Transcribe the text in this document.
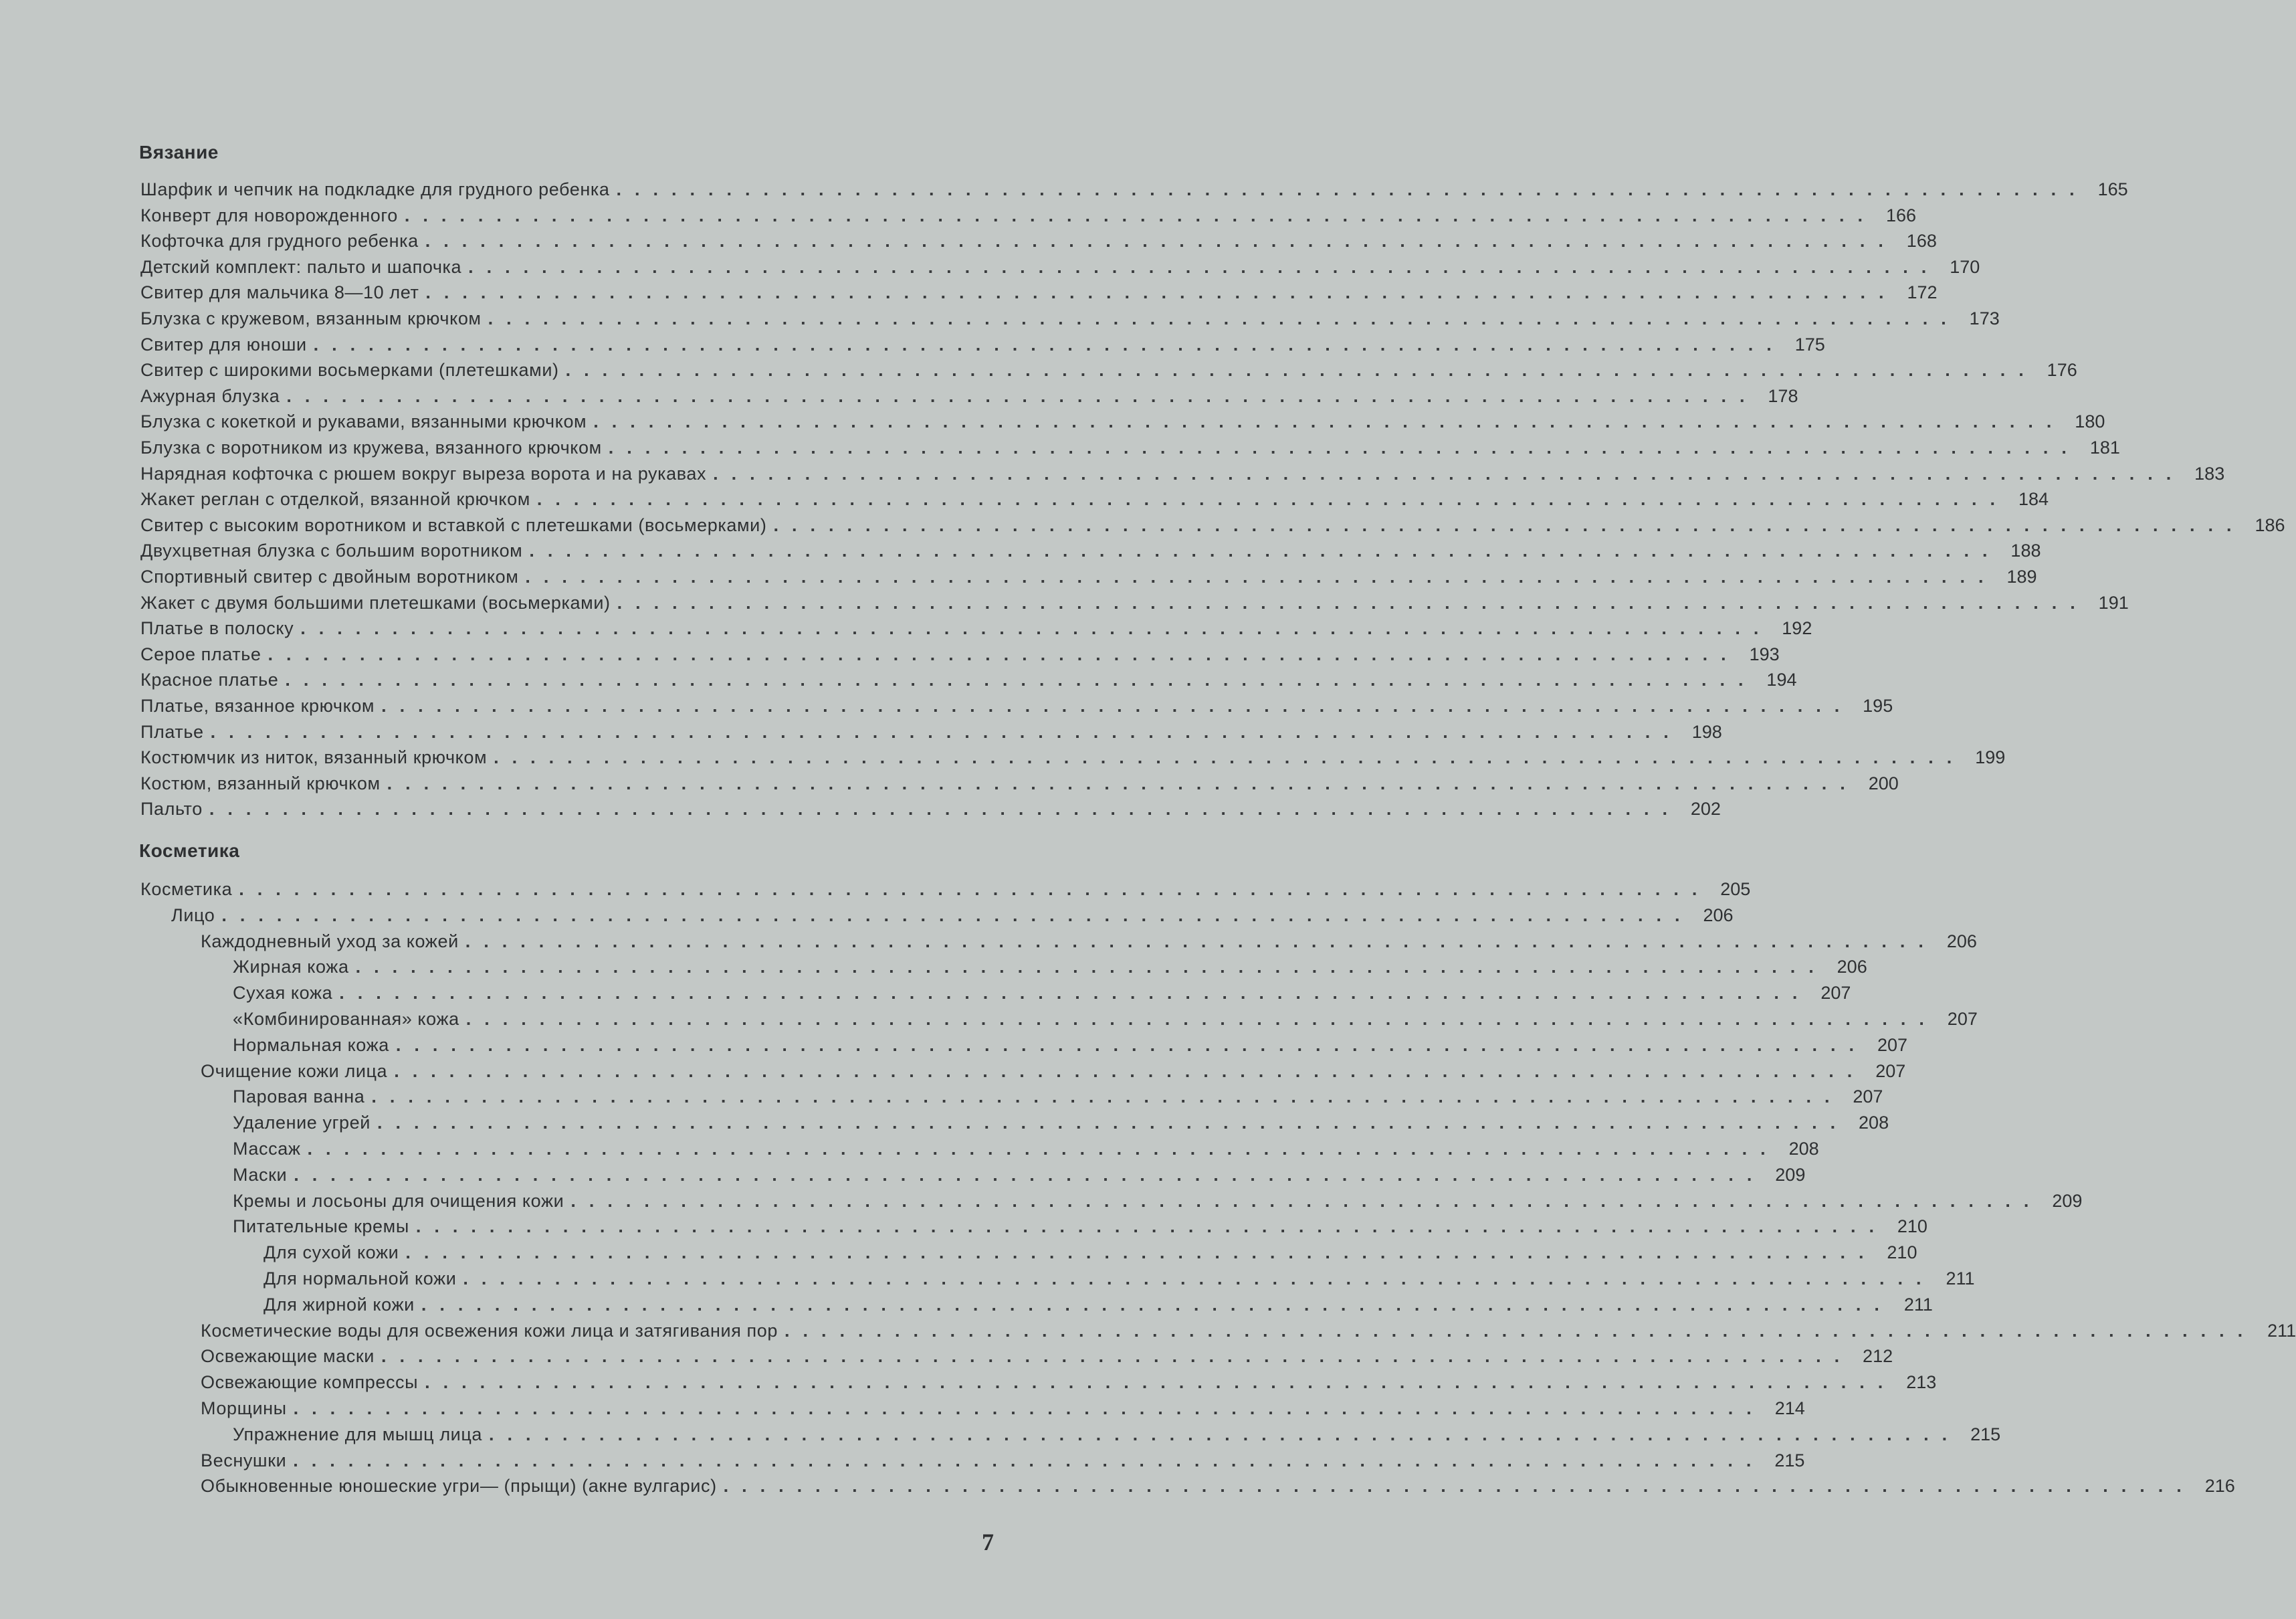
Вязание
Косметика
Шарфик и чепчик на подкладке для грудного ребенка ................................................................................ 165
Конверт для новорожденного ................................................................................ 166
Кофточка для грудного ребенка ................................................................................ 168
Детский комплект: пальто и шапочка ................................................................................ 170
Свитер для мальчика 8—10 лет ................................................................................ 172
Блузка с кружевом, вязанным крючком ................................................................................ 173
Свитер для юноши ................................................................................ 175
Свитер с широкими восьмерками (плетешками) ................................................................................ 176
Ажурная блузка ................................................................................ 178
Блузка с кокеткой и рукавами, вязанными крючком ................................................................................ 180
Блузка с воротником из кружева, вязанного крючком ................................................................................ 181
Нарядная кофточка с рюшем вокруг выреза ворота и на рукавах ................................................................................ 183
Жакет реглан с отделкой, вязанной крючком ................................................................................ 184
Свитер с высоким воротником и вставкой с плетешками (восьмерками) ................................................................................ 186
Двухцветная блузка с большим воротником ................................................................................ 188
Спортивный свитер с двойным воротником ................................................................................ 189
Жакет с двумя большими плетешками (восьмерками) ................................................................................ 191
Платье в полоску ................................................................................ 192
Серое платье ................................................................................ 193
Красное платье ................................................................................ 194
Платье, вязанное крючком ................................................................................ 195
Платье ................................................................................ 198
Костюмчик из ниток, вязанный крючком ................................................................................ 199
Костюм, вязанный крючком ................................................................................ 200
Пальто ................................................................................ 202
Косметика ................................................................................ 205
Лицо ................................................................................ 206
Каждодневный уход за кожей ................................................................................ 206
Жирная кожа ................................................................................ 206
Сухая кожа ................................................................................ 207
«Комбинированная» кожа ................................................................................ 207
Нормальная кожа ................................................................................ 207
Очищение кожи лица ................................................................................ 207
Паровая ванна ................................................................................ 207
Удаление угрей ................................................................................ 208
Массаж ................................................................................ 208
Маски ................................................................................ 209
Кремы и лосьоны для очищения кожи ................................................................................ 209
Питательные кремы ................................................................................ 210
Для сухой кожи ................................................................................ 210
Для нормальной кожи ................................................................................ 211
Для жирной кожи ................................................................................ 211
Косметические воды для освежения кожи лица и затягивания пор ................................................................................ 211
Освежающие маски ................................................................................ 212
Освежающие компрессы ................................................................................ 213
Морщины ................................................................................ 214
Упражнение для мышц лица ................................................................................ 215
Веснушки ................................................................................ 215
Обыкновенные юношеские угри— (прыщи) (акне вулгарис) ................................................................................ 216
7
